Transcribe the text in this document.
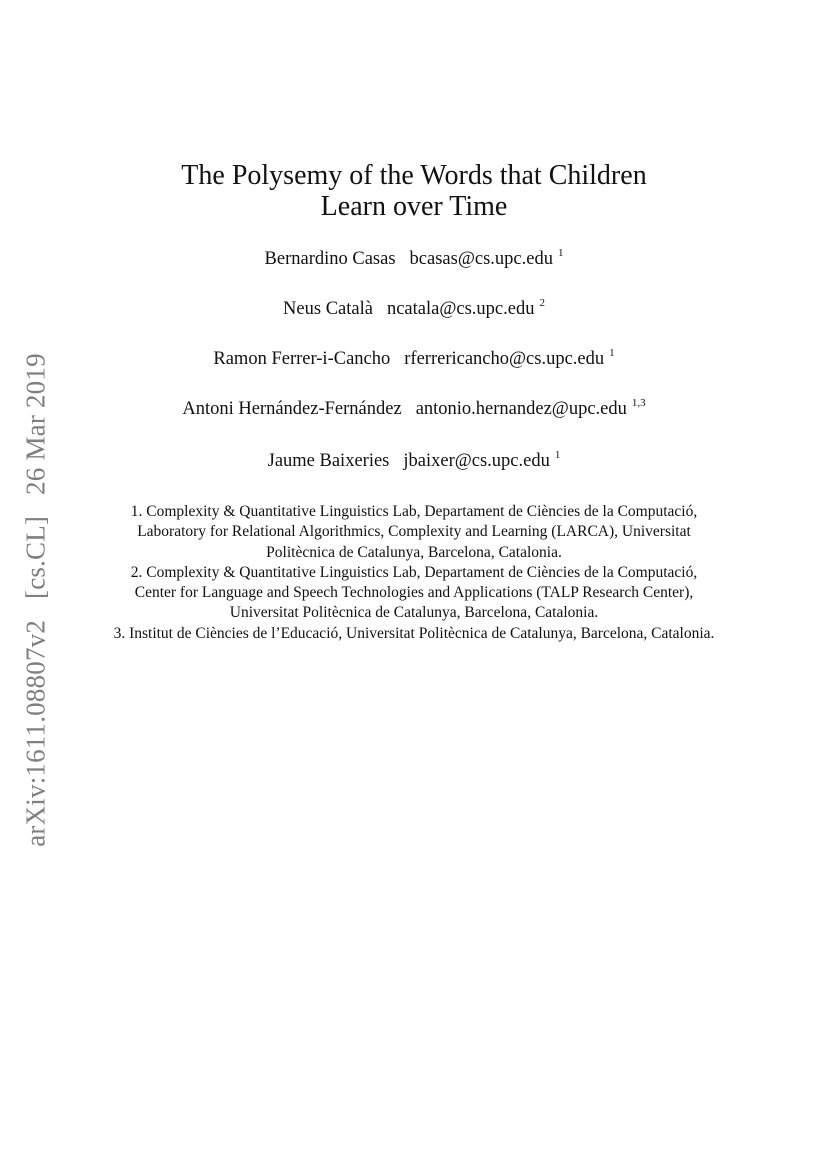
arXiv:1611.08807v2 [cs.CL] 26 Mar 2019
The Polysemy of the Words that Children
Learn over Time
Bernardino Casas bcasas@cs.upc.edu $^1$
Neus Català ncatala@cs.upc.edu $^2$
Ramon Ferrer-i-Cancho rferrericancho@cs.upc.edu $^1$
Antoni Hernández-Fernández antonio.hernandez@upc.edu $^{1,3}$
Jaume Baixeries jbaixer@cs.upc.edu $^1$

1. Complexity & Quantitative Linguistics Lab, Departament de Ciències de la Computació, Laboratory for Relational Algorithmics, Complexity and Learning (LARCA), Universitat Politècnica de Catalunya, Barcelona, Catalonia.

2. Complexity & Quantitative Linguistics Lab, Departament de Ciències de la Computació, Center for Language and Speech Technologies and Applications (TALP Research Center), Universitat Politècnica de Catalunya, Barcelona, Catalonia.

3. Institut de Ciències de l’Educació, Universitat Politècnica de Catalunya, Barcelona, Catalonia.
